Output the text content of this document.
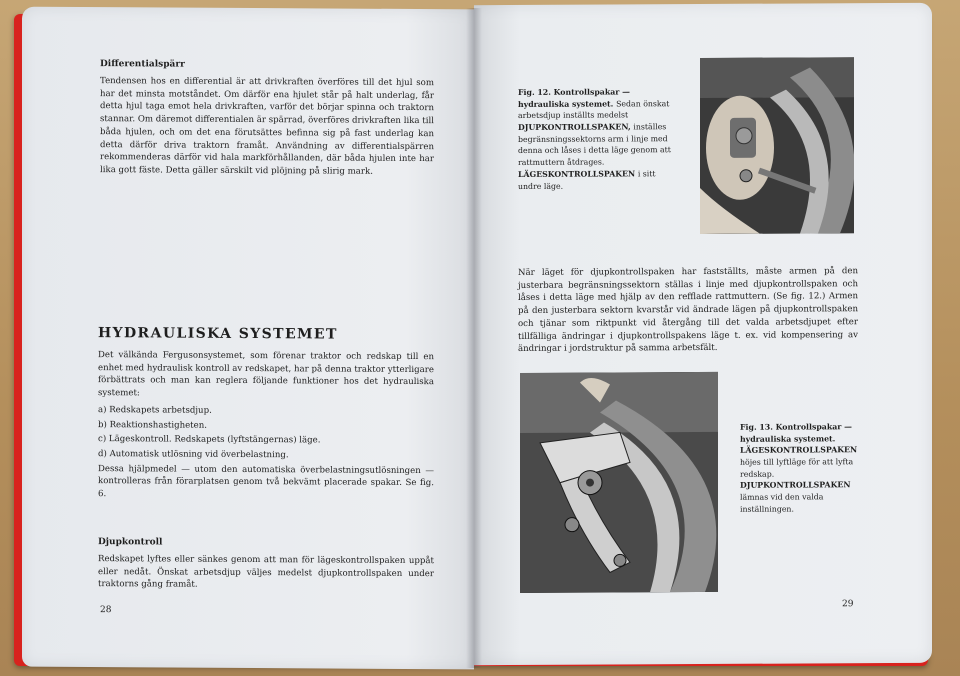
Differentialspärr
Tendensen hos en differential är att drivkraften överföres till det hjul som har det minsta motståndet. Om därför ena hjulet står på halt underlag, får detta hjul taga emot hela drivkraften, varför det börjar spinna och traktorn stannar. Om däremot differentialen är spärrad, överföres drivkraften lika till båda hjulen, och om det ena förutsättes befinna sig på fast underlag kan detta därför driva traktorn framåt. Användning av differentialspärren rekommenderas därför vid hala markförhållanden, där båda hjulen inte har lika gott fäste. Detta gäller särskilt vid plöjning på slirig mark.
HYDRAULISKA SYSTEMET
Det välkända Fergusonsystemet, som förenar traktor och redskap till en enhet med hydraulisk kontroll av redskapet, har på denna traktor ytterligare förbättrats och man kan reglera följande funktioner hos det hydrauliska systemet:
a) Redskapets arbetsdjup.
b) Reaktionshastigheten.
c) Lägeskontroll. Redskapets (lyftstängernas) läge.
d) Automatisk utlösning vid överbelastning.
Dessa hjälpmedel — utom den automatiska överbelastningsutlösningen — kontrolleras från förarplatsen genom två bekvämt placerade spakar. Se fig. 6.
Djupkontroll
Redskapet lyftes eller sänkes genom att man för lägeskontrollspaken uppåt eller nedåt. Önskat arbetsdjup väljes medelst djupkontrollspaken under traktorns gång framåt.
28
Fig. 12. Kontrollspakar — hydrauliska systemet. Sedan önskat arbetsdjup inställts medelst DJUPKONTROLLSPAKEN, inställes begränsningssektorns arm i linje med denna och låses i detta läge genom att rattmuttern åtdrages. LÄGESKONTROLLSPAKEN i sitt undre läge.
När läget för djupkontrollspaken har fastställts, måste armen på den justerbara begränsningssektorn ställas i linje med djupkontrollspaken och låses i detta läge med hjälp av den refflade rattmuttern. (Se fig. 12.) Armen på den justerbara sektorn kvarstår vid ändrade lägen på djupkontrollspaken och tjänar som riktpunkt vid återgång till det valda arbetsdjupet efter tillfälliga ändringar i djupkontrollspakens läge t. ex. vid kompensering av ändringar i jordstruktur på samma arbetsfält.
Fig. 13. Kontrollspakar — hydrauliska systemet. LÄGESKONTROLLSPAKEN höjes till lyftläge för att lyfta redskap. DJUPKONTROLLSPAKEN lämnas vid den valda inställningen.
29
